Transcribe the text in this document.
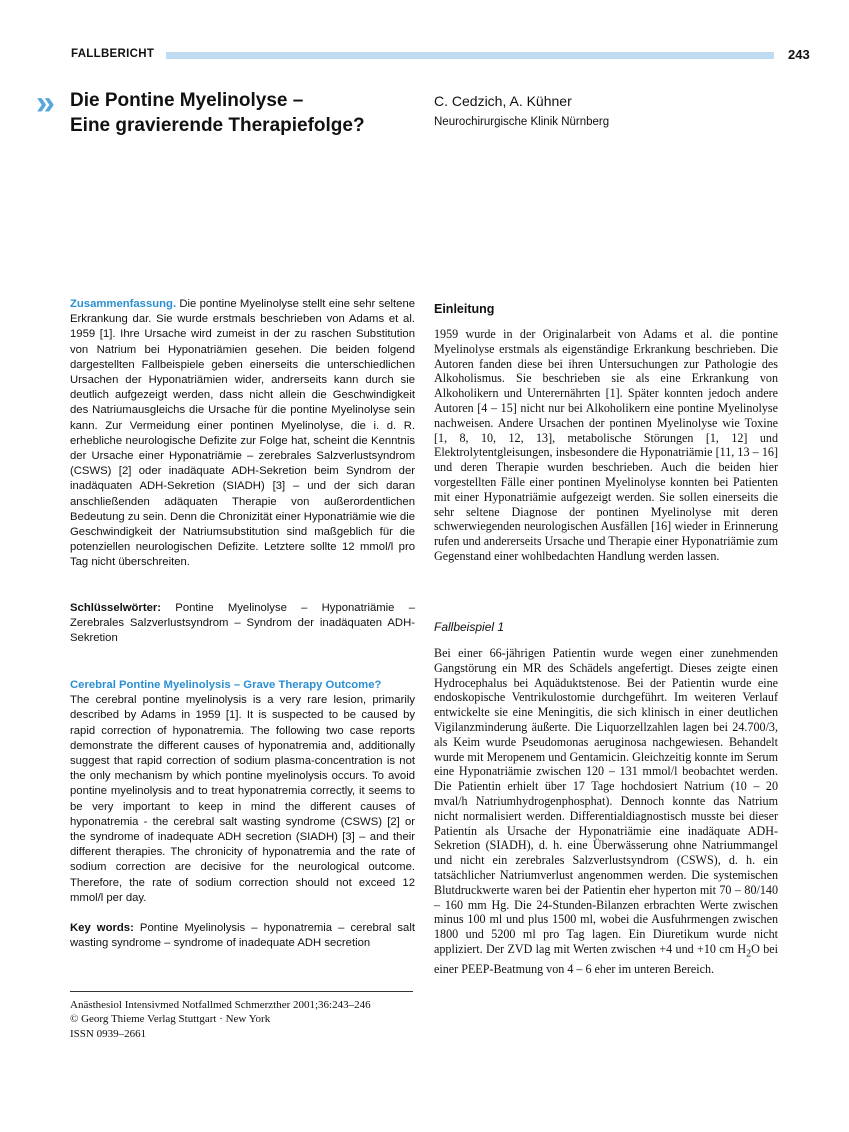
FALLBERICHT	243
» Die Pontine Myelinolyse –
Eine gravierende Therapiefolge?
C. Cedzich, A. Kühner
Neurochirurgische Klinik Nürnberg
Zusammenfassung. Die pontine Myelinolyse stellt eine sehr seltene Erkrankung dar. Sie wurde erstmals beschrieben von Adams et al. 1959 [1]. Ihre Ursache wird zumeist in der zu raschen Substitution von Natrium bei Hyponatriämien gesehen. Die beiden folgend dargestellten Fallbeispiele geben einerseits die unterschiedlichen Ursachen der Hyponatriämien wider, andrerseits kann durch sie deutlich aufgezeigt werden, dass nicht allein die Geschwindigkeit des Natriumausgleichs die Ursache für die pontine Myelinolyse sein kann. Zur Vermeidung einer pontinen Myelinolyse, die i. d. R. erhebliche neurologische Defizite zur Folge hat, scheint die Kenntnis der Ursache einer Hyponatriämie – zerebrales Salzverlustsyndrom (CSWS) [2] oder inadäquate ADH-Sekretion beim Syndrom der inadäquaten ADH-Sekretion (SIADH) [3] – und der sich daran anschließenden adäquaten Therapie von außerordentlichen Bedeutung zu sein. Denn die Chronizität einer Hyponatriämie wie die Geschwindigkeit der Natriumsubstitution sind maßgeblich für die potenziellen neurologischen Defizite. Letztere sollte 12 mmol/l pro Tag nicht überschreiten.
Schlüsselwörter: Pontine Myelinolyse – Hyponatriämie – Zerebrales Salzverlustsyndrom – Syndrom der inadäquaten ADH-Sekretion
Cerebral Pontine Myelinolysis – Grave Therapy Outcome?
The cerebral pontine myelinolysis is a very rare lesion, primarily described by Adams in 1959 [1]. It is suspected to be caused by rapid correction of hyponatremia. The following two case reports demonstrate the different causes of hyponatremia and, additionally suggest that rapid correction of sodium plasma-concentration is not the only mechanism by which pontine myelinolysis occurs. To avoid pontine myelinolysis and to treat hyponatremia correctly, it seems to be very important to keep in mind the different causes of hyponatremia - the cerebral salt wasting syndrome (CSWS) [2] or the syndrome of inadequate ADH secretion (SIADH) [3] – and their different therapies. The chronicity of hyponatremia and the rate of sodium correction are decisive for the neurological outcome. Therefore, the rate of sodium correction should not exceed 12 mmol/l per day.
Key words: Pontine Myelinolysis – hyponatremia – cerebral salt wasting syndrome – syndrome of inadequate ADH secretion
Anästhesiol Intensivmed Notfallmed Schmerzther 2001;36:243–246
© Georg Thieme Verlag Stuttgart · New York
ISSN 0939–2661
Einleitung
1959 wurde in der Originalarbeit von Adams et al. die pontine Myelinolyse erstmals als eigenständige Erkrankung beschrieben. Die Autoren fanden diese bei ihren Untersuchungen zur Pathologie des Alkoholismus. Sie beschrieben sie als eine Erkrankung von Alkoholikern und Unterernährten [1]. Später konnten jedoch andere Autoren [4 – 15] nicht nur bei Alkoholikern eine pontine Myelinolyse nachweisen. Andere Ursachen der pontinen Myelinolyse wie Toxine [1, 8, 10, 12, 13], metabolische Störungen [1, 12] und Elektrolytentgleisungen, insbesondere die Hyponatriämie [11, 13 – 16] und deren Therapie wurden beschrieben. Auch die beiden hier vorgestellten Fälle einer pontinen Myelinolyse konnten bei Patienten mit einer Hyponatriämie aufgezeigt werden. Sie sollen einerseits die sehr seltene Diagnose der pontinen Myelinolyse mit deren schwerwiegenden neurologischen Ausfällen [16] wieder in Erinnerung rufen und andererseits Ursache und Therapie einer Hyponatriämie zum Gegenstand einer wohlbedachten Handlung werden lassen.
Fallbeispiel 1
Bei einer 66-jährigen Patientin wurde wegen einer zunehmenden Gangstörung ein MR des Schädels angefertigt. Dieses zeigte einen Hydrocephalus bei Aquäduktstenose. Bei der Patientin wurde eine endoskopische Ventrikulostomie durchgeführt. Im weiteren Verlauf entwickelte sie eine Meningitis, die sich klinisch in einer deutlichen Vigilanzminderung äußerte. Die Liquorzellzahlen lagen bei 24.700/3, als Keim wurde Pseudomonas aeruginosa nachgewiesen. Behandelt wurde mit Meropenem und Gentamicin. Gleichzeitig konnte im Serum eine Hyponatriämie zwischen 120 – 131 mmol/l beobachtet werden. Die Patientin erhielt über 17 Tage hochdosiert Natrium (10 – 20 mval/h Natriumhydrogenphosphat). Dennoch konnte das Natrium nicht normalisiert werden. Differentialdiagnostisch musste bei dieser Patientin als Ursache der Hyponatriämie eine inadäquate ADH-Sekretion (SIADH), d. h. eine Überwässerung ohne Natriummangel und nicht ein zerebrales Salzverlustsyndrom (CSWS), d. h. ein tatsächlicher Natriumverlust angenommen werden. Die systemischen Blutdruckwerte waren bei der Patientin eher hyperton mit 70 – 80/140 – 160 mm Hg. Die 24-Stunden-Bilanzen erbrachten Werte zwischen minus 100 ml und plus 1500 ml, wobei die Ausfuhrmengen zwischen 1800 und 5200 ml pro Tag lagen. Ein Diuretikum wurde nicht appliziert. Der ZVD lag mit Werten zwischen +4 und +10 cm $H_2O$ bei einer PEEP-Beatmung von 4 – 6 eher im unteren Bereich.
